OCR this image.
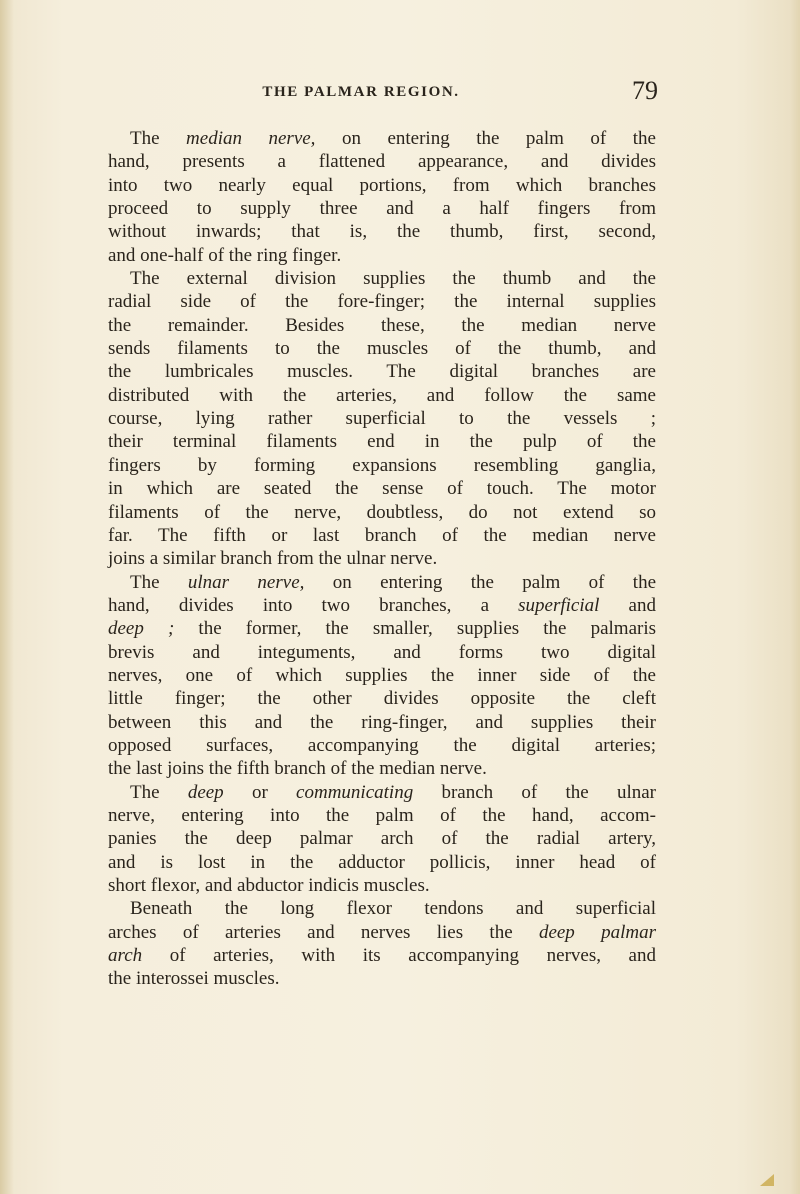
THE PALMAR REGION.	79
The median nerve, on entering the palm of the
hand, presents a flattened appearance, and divides
into two nearly equal portions, from which branches
proceed to supply three and a half fingers from
without inwards; that is, the thumb, first, second,
and one-half of the ring finger.
The external division supplies the thumb and the
radial side of the fore-finger; the internal supplies
the remainder. Besides these, the median nerve
sends filaments to the muscles of the thumb, and
the lumbricales muscles. The digital branches are
distributed with the arteries, and follow the same
course, lying rather superficial to the vessels ;
their terminal filaments end in the pulp of the
fingers by forming expansions resembling ganglia,
in which are seated the sense of touch. The motor
filaments of the nerve, doubtless, do not extend so
far. The fifth or last branch of the median nerve
joins a similar branch from the ulnar nerve.
The ulnar nerve, on entering the palm of the
hand, divides into two branches, a superficial and
deep ; the former, the smaller, supplies the palmaris
brevis and integuments, and forms two digital
nerves, one of which supplies the inner side of the
little finger; the other divides opposite the cleft
between this and the ring-finger, and supplies their
opposed surfaces, accompanying the digital arteries;
the last joins the fifth branch of the median nerve.
The deep or communicating branch of the ulnar
nerve, entering into the palm of the hand, accom-
panies the deep palmar arch of the radial artery,
and is lost in the adductor pollicis, inner head of
short flexor, and abductor indicis muscles.
Beneath the long flexor tendons and superficial
arches of arteries and nerves lies the deep palmar
arch of arteries, with its accompanying nerves, and
the interossei muscles.
